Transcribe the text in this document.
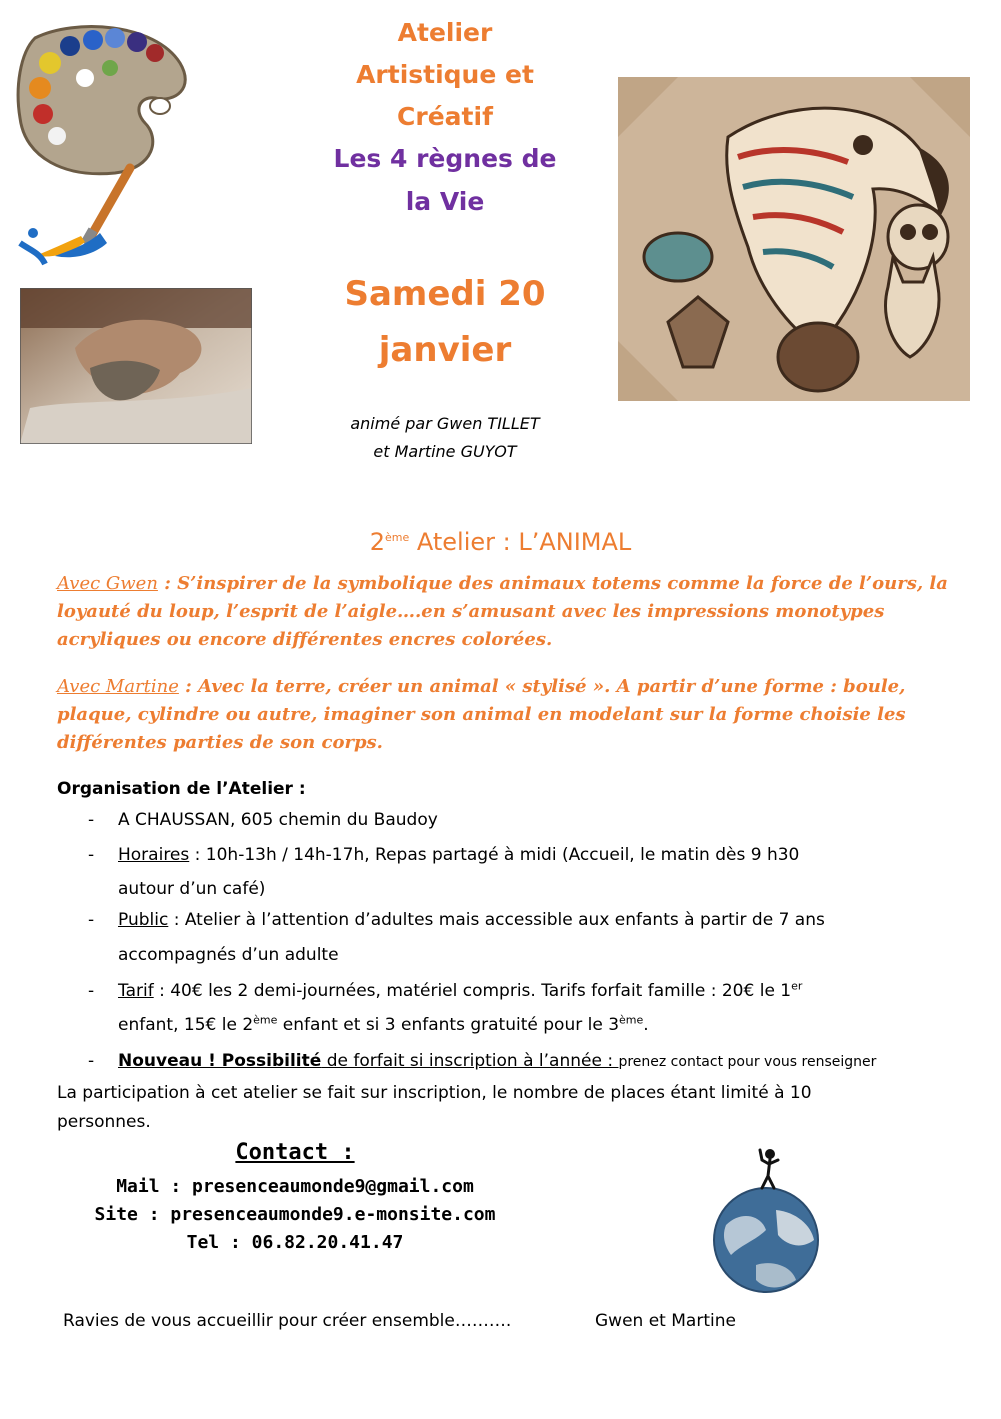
Atelier
Artistique et
Créatif
Les 4 règnes de
la Vie
Samedi 20
janvier
animé par Gwen TILLET
et Martine GUYOT
2ème Atelier : L’ANIMAL
Avec Gwen : S’inspirer de la symbolique des animaux totems comme la force de l’ours, la loyauté du loup, l’esprit de l’aigle….en s’amusant avec les impressions monotypes acryliques ou encore différentes encres colorées.
Avec Martine : Avec la terre, créer un animal « stylisé ». A partir d’une forme : boule, plaque, cylindre ou autre, imaginer son animal en modelant sur la forme choisie les différentes parties de son corps.
Organisation de l’Atelier :
- A CHAUSSAN, 605 chemin du Baudoy
- Horaires : 10h-13h / 14h-17h, Repas partagé à midi (Accueil, le matin dès 9 h30
autour d’un café)
- Public : Atelier à l’attention d’adultes mais accessible aux enfants à partir de 7 ans
accompagnés d’un adulte
- Tarif : 40€ les 2 demi-journées, matériel compris. Tarifs forfait famille : 20€ le 1er
enfant, 15€ le 2ème enfant et si 3 enfants gratuité pour le 3ème.
- Nouveau ! Possibilité de forfait si inscription à l’année : prenez contact pour vous renseigner
La participation à cet atelier se fait sur inscription, le nombre de places étant limité à 10
personnes.
Contact :
Mail : presenceaumonde9@gmail.com
Site : presenceaumonde9.e-monsite.com
Tel : 06.82.20.41.47
Ravies de vous accueillir pour créer ensemble……….	Gwen et Martine
